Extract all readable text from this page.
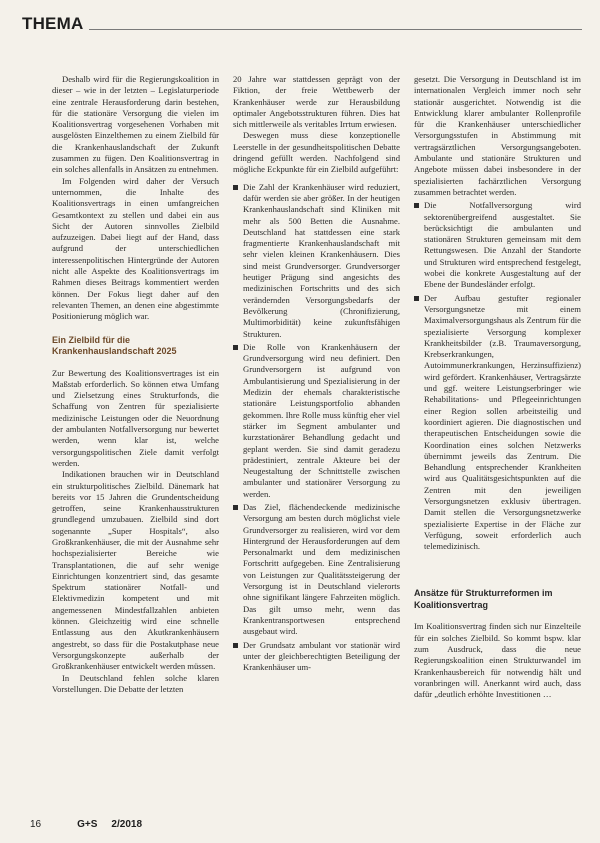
THEMA

Deshalb wird für die Regierungskoalition in dieser – wie in der letzten – Legislaturperiode eine zentrale Herausforderung darin bestehen, für die stationäre Versorgung die vielen im Koalitionsvertrag vorgesehenen Vorhaben mit ausgelösten Einzelthemen zu einem Zielbild für die Krankenhauslandschaft der Zukunft zusammen zu fügen. Den Koalitionsvertrag in ein solches allenfalls in Ansätzen zu entnehmen.

Im Folgenden wird daher der Versuch unternommen, die Inhalte des Koalitionsvertrags in einen umfangreichen Gesamtkontext zu stellen und dabei ein aus Sicht der Autoren sinnvolles Zielbild aufzuzeigen. Dabei liegt auf der Hand, dass aufgrund der unterschiedlichen interessenpolitischen Hintergründe der Autoren nicht alle Aspekte des Koalitionsvertrags im Rahmen dieses Beitrags kommentiert werden können. Der Fokus liegt daher auf den relevanten Themen, an denen eine abgestimmte Positionierung möglich war.

Ein Zielbild für die Krankenhauslandschaft 2025

Zur Bewertung des Koalitionsvertrages ist ein Maßstab erforderlich. So können etwa Umfang und Zielsetzung eines Strukturfonds, die Schaffung von Zentren für spezialisierte medizinische Leistungen oder die Neuordnung der ambulanten Notfallversorgung nur bewertet werden, wenn klar ist, welche versorgungspolitischen Ziele damit verfolgt werden.

Indikationen brauchen wir in Deutschland ein strukturpolitisches Zielbild. Dänemark hat bereits vor 15 Jahren die Grundentscheidung getroffen, seine Krankenhausstrukturen grundlegend umzubauen. Zielbild sind dort sogenannte „Super Hospitals“, also Großkrankenhäuser, die mit der Ausnahme sehr hochspezialisierter Bereiche wie Transplantationen, die auf sehr wenige Einrichtungen konzentriert sind, das gesamte Spektrum stationärer Notfall- und Elektivmedizin kompetent und mit angemessenen Mindestfallzahlen anbieten können. Gleichzeitig wird eine schnelle Entlassung aus den Akutkrankenhäusern angestrebt, so dass für die Postakutphase neue Versorgungskonzepte außerhalb der Großkrankenhäuser entwickelt werden müssen.

In Deutschland fehlen solche klaren Vorstellungen. Die Debatte der letzten

20 Jahre war stattdessen geprägt von der Fiktion, der freie Wettbewerb der Krankenhäuser werde zur Herausbildung optimaler Angebotsstrukturen führen. Dies hat sich mittlerweile als veritables Irrtum erwiesen.

Deswegen muss diese konzeptionelle Leerstelle in der gesundheitspolitischen Debatte dringend gefüllt werden. Nachfolgend sind mögliche Eckpunkte für ein Zielbild aufgeführt:

Die Zahl der Krankenhäuser wird reduziert, dafür werden sie aber größer. In der heutigen Krankenhauslandschaft sind Kliniken mit mehr als 500 Betten die Ausnahme. Deutschland hat stattdessen eine stark fragmentierte Krankenhauslandschaft mit sehr vielen kleinen Krankenhäusern. Dies sind meist Grundversorger. Grundversorger heutiger Prägung sind angesichts des medizinischen Fortschritts und des sich verändernden Versorgungsbedarfs der Bevölkerung (Chronifizierung, Multimorbidität) keine zukunftsfähigen Strukturen.
Die Rolle von Krankenhäusern der Grundversorgung wird neu definiert. Den Grundversorgern ist aufgrund von Ambulantisierung und Spezialisierung in der Medizin der ehemals charakteristische stationäre Leistungsportfolio abhanden gekommen. Ihre Rolle muss künftig eher viel stärker im Segment ambulanter und kurzstationärer Behandlung gedacht und geplant werden. Sie sind damit geradezu prädestiniert, zentrale Akteure bei der Neugestaltung der Schnittstelle zwischen ambulanter und stationärer Versorgung zu werden.
Das Ziel, flächendeckende medizinische Versorgung am besten durch möglichst viele Grundversorger zu realisieren, wird vor dem Hintergrund der Herausforderungen auf dem Personalmarkt und dem medizinischen Fortschritt aufgegeben. Eine Zentralisierung von Leistungen zur Qualitätssteigerung der Versorgung ist in Deutschland vielerorts ohne signifikant längere Fahrzeiten möglich. Das gilt umso mehr, wenn das Krankentransportwesen entsprechend ausgebaut wird.
Der Grundsatz ambulant vor stationär wird unter der gleichberechtigten Beteiligung der Krankenhäuser um-

gesetzt. Die Versorgung in Deutschland ist im internationalen Vergleich immer noch sehr stationär ausgerichtet. Notwendig ist die Entwicklung klarer ambulanter Rollenprofile für die Krankenhäuser unterschiedlicher Versorgungsstufen in Abstimmung mit vertragsärztlichen Versorgungsangeboten. Ambulante und stationäre Strukturen und Angebote müssen dabei insbesondere in der spezialisierten fachärztlichen Versorgung zusammen betrachtet werden.

Die Notfallversorgung wird sektorenübergreifend ausgestaltet. Sie berücksichtigt die ambulanten und stationären Strukturen gemeinsam mit dem Rettungswesen. Die Anzahl der Standorte und Strukturen wird entsprechend festgelegt, wobei die konkrete Ausgestaltung auf der Ebene der Bundesländer erfolgt.
Der Aufbau gestufter regionaler Versorgungsnetze mit einem Maximalversorgungshaus als Zentrum für die spezialisierte Versorgung komplexer Krankheitsbilder (z.B. Traumaversorgung, Krebserkrankungen, Autoimmunerkrankungen, Herzinsuffizienz) wird gefördert. Krankenhäuser, Vertragsärzte und ggf. weitere Leistungserbringer wie Rehabilitations- und Pflegeeinrichtungen einer Region sollen arbeitsteilig und koordiniert agieren. Die diagnostischen und therapeutischen Entscheidungen sowie die Koordination eines solchen Netzwerks übernimmt jeweils das Zentrum. Die Behandlung entsprechender Krankheiten wird aus Qualitätsgesichtspunkten auf die Zentren mit den jeweiligen Versorgungsnetzen exklusiv übertragen. Damit stellen die Versorgungsnetzwerke spezialisierte Expertise in der Fläche zur Verfügung, soweit erforderlich auch telemedizinisch.
Ansätze für Strukturreformen im Koalitionsvertrag

Im Koalitionsvertrag finden sich nur Einzelteile für ein solches Zielbild. So kommt bspw. klar zum Ausdruck, dass die neue Regierungskoalition einen Strukturwandel im Krankenhausbereich für notwendig hält und voranbringen will. Anerkannt wird auch, dass dafür „deutlich erhöhte Investitionen …

16	G+S 2/2018
